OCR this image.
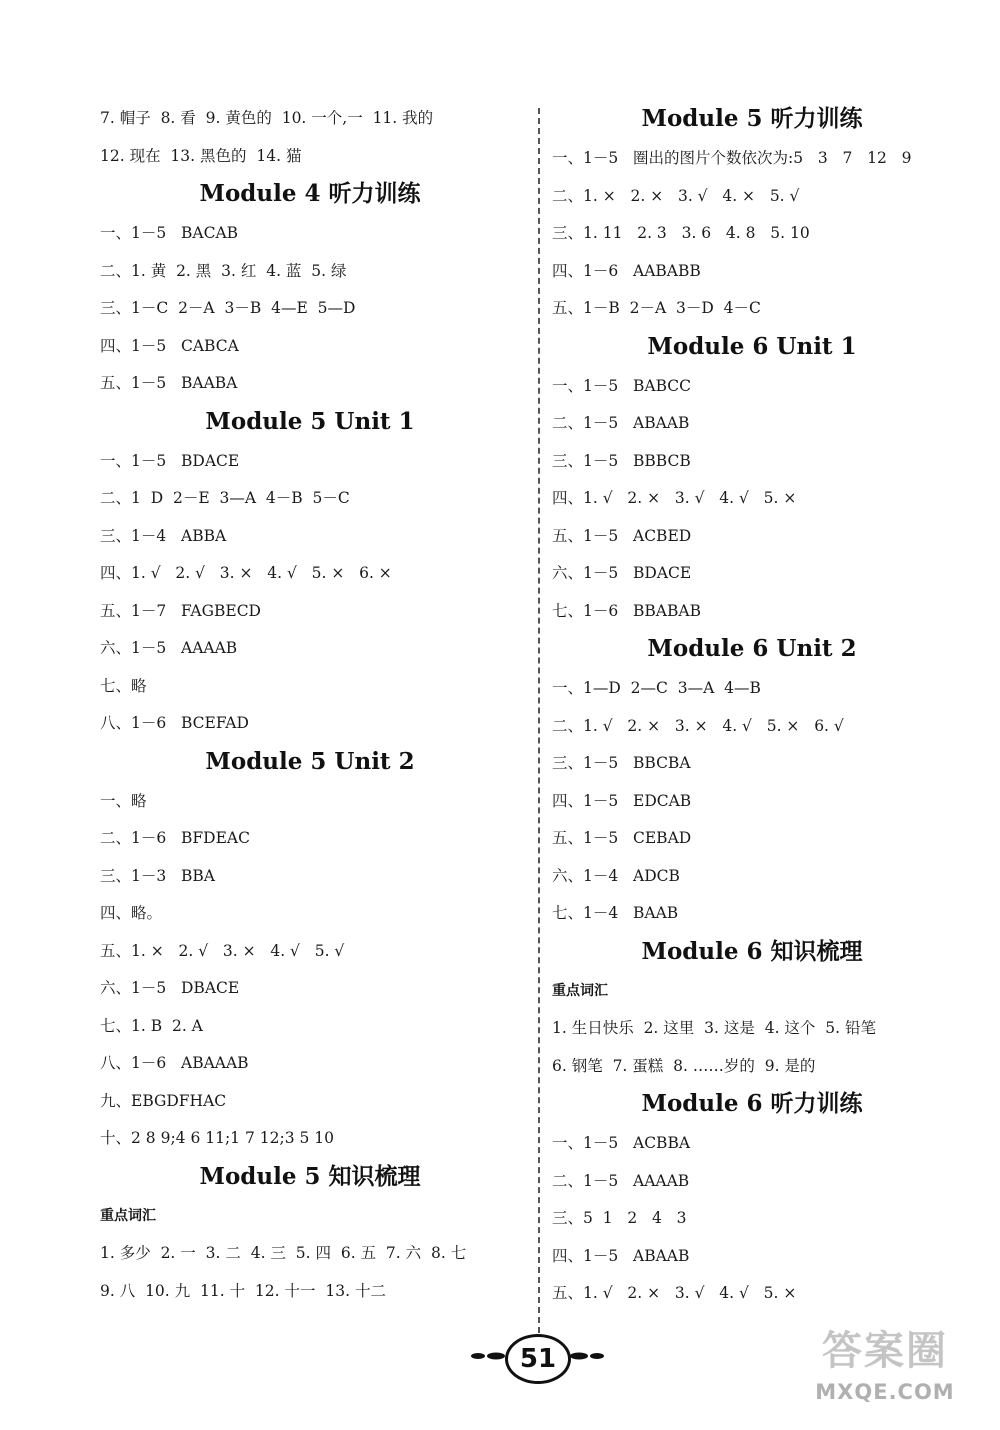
7. 帽子  8. 看  9. 黄色的  10. 一个,一  11. 我的
12. 现在  13. 黑色的  14. 猫
Module 4 听力训练
一、1－5   BACAB
二、1. 黄  2. 黑  3. 红  4. 蓝  5. 绿
三、1－C  2－A  3－B  4—E  5—D
四、1－5   CABCA
五、1－5   BAABA
Module 5 Unit 1
一、1－5   BDACE
二、1  D  2－E  3—A  4－B  5－C
三、1－4   ABBA
四、1. √   2. √   3. ×   4. √   5. ×   6. ×
五、1－7   FAGBECD
六、1－5   AAAAB
七、略
八、1－6   BCEFAD
Module 5 Unit 2
一、略
二、1－6   BFDEAC
三、1－3   BBA
四、略。
五、1. ×   2. √   3. ×   4. √   5. √
六、1－5   DBACE
七、1. B  2. A
八、1－6   ABAAAB
九、EBGDFHAC
十、2 8 9;4 6 11;1 7 12;3 5 10
Module 5 知识梳理
重点词汇
1. 多少  2. 一  3. 二  4. 三  5. 四  6. 五  7. 六  8. 七
9. 八  10. 九  11. 十  12. 十一  13. 十二
Module 5 听力训练
一、1－5   圈出的图片个数依次为:5   3   7   12   9
二、1. ×   2. ×   3. √   4. ×   5. √
三、1. 11   2. 3   3. 6   4. 8   5. 10
四、1－6   AABABB
五、1－B  2－A  3－D  4－C
Module 6 Unit 1
一、1－5   BABCC
二、1－5   ABAAB
三、1－5   BBBCB
四、1. √   2. ×   3. √   4. √   5. ×
五、1－5   ACBED
六、1－5   BDACE
七、1－6   BBABAB
Module 6 Unit 2
一、1—D  2—C  3—A  4—B
二、1. √   2. ×   3. ×   4. √   5. ×   6. √
三、1－5   BBCBA
四、1－5   EDCAB
五、1－5   CEBAD
六、1－4   ADCB
七、1－4   BAAB
Module 6 知识梳理
重点词汇
1. 生日快乐  2. 这里  3. 这是  4. 这个  5. 铅笔
6. 钢笔  7. 蛋糕  8. ……岁的  9. 是的
Module 6 听力训练
一、1－5   ACBBA
二、1－5   AAAAB
三、5  1   2   4   3
四、1－5   ABAAB
五、1. √   2. ×   3. √   4. √   5. ×
51	答案圈
MXQE.COM
